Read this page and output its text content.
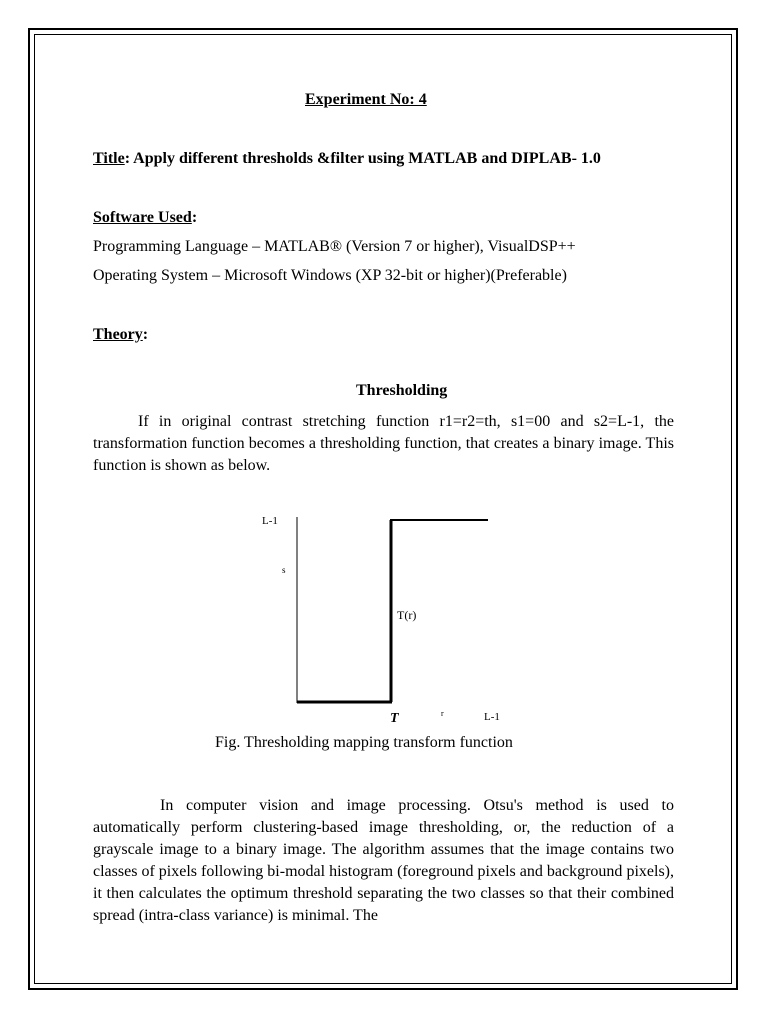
Experiment No: 4
Title: Apply different thresholds &filter using MATLAB and DIPLAB- 1.0
Software Used:
Programming Language – MATLAB® (Version 7 or higher), VisualDSP++
Operating System – Microsoft Windows (XP 32-bit or higher)(Preferable)
Theory:
Thresholding

If in original contrast stretching function r1=r2=th, s1=00 and s2=L-1, the transformation function becomes a thresholding function, that creates a binary image. This function is shown as below.

L-1
s
T(r)
T	r	L-1
Fig. Thresholding mapping transform function

In computer vision and image processing. Otsu's method is used to automatically perform clustering-based image thresholding, or, the reduction of a grayscale image to a binary image. The algorithm assumes that the image contains two classes of pixels following bi-modal histogram (foreground pixels and background pixels), it then calculates the optimum threshold separating the two classes so that their combined spread (intra-class variance) is minimal. The
